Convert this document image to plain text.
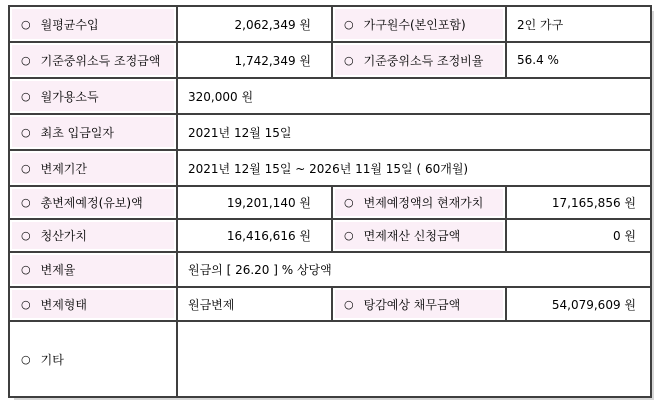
○ 월평균수입	2,062,349 원	○ 가구원수(본인포함)	2인 가구
○ 기준중위소득 조정금액	1,742,349 원	○ 기준중위소득 조정비율	56.4 %
○ 월가용소득	320,000 원		
○ 최초 입금일자	2021년 12월 15일		
○ 변제기간	2021년 12월 15일 ~ 2026년 11월 15일 ( 60개월)		
○ 총변제예정(유보)액	19,201,140 원	○ 변제예정액의 현재가치	17,165,856 원
○ 청산가치	16,416,616 원	○ 면제재산 신청금액	0 원
○ 변제율	원금의 [ 26.20 ] % 상당액		
○ 변제형태	원금변제	○ 탕감예상 채무금액	54,079,609 원
○ 기타			
